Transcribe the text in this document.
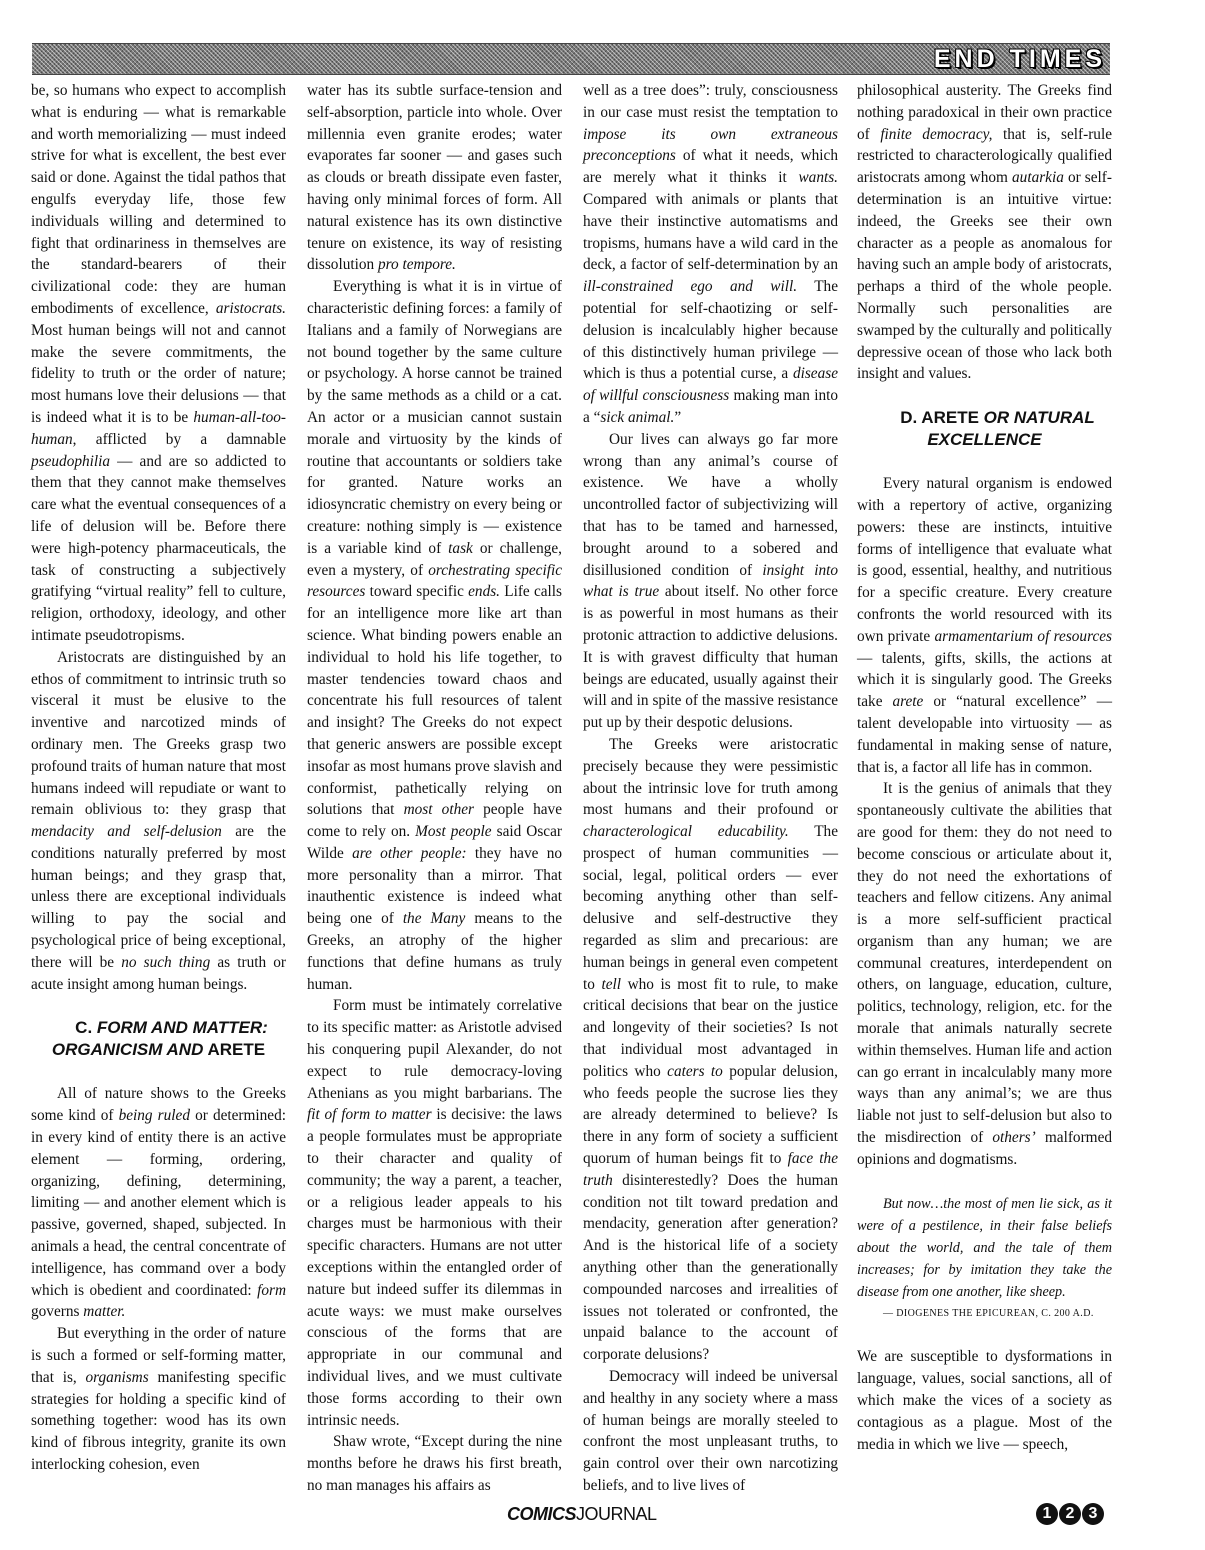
END TIMES

be, so humans who expect to accomplish what is enduring — what is remarkable and worth memorializing — must indeed strive for what is excellent, the best ever said or done. Against the tidal pathos that engulfs everyday life, those few individuals willing and determined to fight that ordinariness in themselves are the standard-bearers of their civilizational code: they are human embodiments of excellence, aristocrats. Most human beings will not and cannot make the severe commitments, the fidelity to truth or the order of nature; most humans love their delusions — that is indeed what it is to be human-all-too-human, afflicted by a damnable pseudophilia — and are so addicted to them that they cannot make themselves care what the eventual consequences of a life of delusion will be. Before there were high-potency pharmaceuticals, the task of constructing a subjectively gratifying “virtual reality” fell to culture, religion, orthodoxy, ideology, and other intimate pseudotropisms.

Aristocrats are distinguished by an ethos of commitment to intrinsic truth so visceral it must be elusive to the inventive and narcotized minds of ordinary men. The Greeks grasp two profound traits of human nature that most humans indeed will repudiate or want to remain oblivious to: they grasp that mendacity and self-delusion are the conditions naturally preferred by most human beings; and they grasp that, unless there are exceptional individuals willing to pay the social and psychological price of being exceptional, there will be no such thing as truth or acute insight among human beings.

C. FORM AND MATTER: ORGANICISM AND ARETE

All of nature shows to the Greeks some kind of being ruled or determined: in every kind of entity there is an active element — forming, ordering, organizing, defining, determining, limiting — and another element which is passive, governed, shaped, subjected. In animals a head, the central concentrate of intelligence, has command over a body which is obedient and coordinated: form governs matter.

But everything in the order of nature is such a formed or self-forming matter, that is, organisms manifesting specific strategies for holding a specific kind of something together: wood has its own kind of fibrous integrity, granite its own interlocking cohesion, even

water has its subtle surface-tension and self-absorption, particle into whole. Over millennia even granite erodes; water evaporates far sooner — and gases such as clouds or breath dissipate even faster, having only minimal forces of form. All natural existence has its own distinctive tenure on existence, its way of resisting dissolution pro tempore.

Everything is what it is in virtue of characteristic defining forces: a family of Italians and a family of Norwegians are not bound together by the same culture or psychology. A horse cannot be trained by the same methods as a child or a cat. An actor or a musician cannot sustain morale and virtuosity by the kinds of routine that accountants or soldiers take for granted. Nature works an idiosyncratic chemistry on every being or creature: nothing simply is — existence is a variable kind of task or challenge, even a mystery, of orchestrating specific resources toward specific ends. Life calls for an intelligence more like art than science. What binding powers enable an individual to hold his life together, to master tendencies toward chaos and concentrate his full resources of talent and insight? The Greeks do not expect that generic answers are possible except insofar as most humans prove slavish and conformist, pathetically relying on solutions that most other people have come to rely on. Most people said Oscar Wilde are other people: they have no more personality than a mirror. That inauthentic existence is indeed what being one of the Many means to the Greeks, an atrophy of the higher functions that define humans as truly human.

Form must be intimately correlative to its specific matter: as Aristotle advised his conquering pupil Alexander, do not expect to rule democracy-loving Athenians as you might barbarians. The fit of form to matter is decisive: the laws a people formulates must be appropriate to their character and quality of community; the way a parent, a teacher, or a religious leader appeals to his charges must be harmonious with their specific characters. Humans are not utter exceptions within the entangled order of nature but indeed suffer its dilemmas in acute ways: we must make ourselves conscious of the forms that are appropriate in our communal and individual lives, and we must cultivate those forms according to their own intrinsic needs.

Shaw wrote, “Except during the nine months before he draws his first breath, no man manages his affairs as

well as a tree does”: truly, consciousness in our case must resist the temptation to impose its own extraneous preconceptions of what it needs, which are merely what it thinks it wants. Compared with animals or plants that have their instinctive automatisms and tropisms, humans have a wild card in the deck, a factor of self-determination by an ill-constrained ego and will. The potential for self-chaotizing or self-delusion is incalculably higher because of this distinctively human privilege — which is thus a potential curse, a disease of willful consciousness making man into a “sick animal.”

Our lives can always go far more wrong than any animal’s course of existence. We have a wholly uncontrolled factor of subjectivizing will that has to be tamed and harnessed, brought around to a sobered and disillusioned condition of insight into what is true about itself. No other force is as powerful in most humans as their protonic attraction to addictive delusions. It is with gravest difficulty that human beings are educated, usually against their will and in spite of the massive resistance put up by their despotic delusions.

The Greeks were aristocratic precisely because they were pessimistic about the intrinsic love for truth among most humans and their profound or characterological educability. The prospect of human communities — social, legal, political orders — ever becoming anything other than self-delusive and self-destructive they regarded as slim and precarious: are human beings in general even competent to tell who is most fit to rule, to make critical decisions that bear on the justice and longevity of their societies? Is not that individual most advantaged in politics who caters to popular delusion, who feeds people the sucrose lies they are already determined to believe? Is there in any form of society a sufficient quorum of human beings fit to face the truth disinterestedly? Does the human condition not tilt toward predation and mendacity, generation after generation? And is the historical life of a society anything other than the generationally compounded narcoses and irrealities of issues not tolerated or confronted, the unpaid balance to the account of corporate delusions?

Democracy will indeed be universal and healthy in any society where a mass of human beings are morally steeled to confront the most unpleasant truths, to gain control over their own narcotizing beliefs, and to live lives of

philosophical austerity. The Greeks find nothing paradoxical in their own practice of finite democracy, that is, self-rule restricted to characterologically qualified aristocrats among whom autarkia or self-determination is an intuitive virtue: indeed, the Greeks see their own character as a people as anomalous for having such an ample body of aristocrats, perhaps a third of the whole people. Normally such personalities are swamped by the culturally and politically depressive ocean of those who lack both insight and values.

D. ARETE OR NATURAL EXCELLENCE

Every natural organism is endowed with a repertory of active, organizing powers: these are instincts, intuitive forms of intelligence that evaluate what is good, essential, healthy, and nutritious for a specific creature. Every creature confronts the world resourced with its own private armamentarium of resources — talents, gifts, skills, the actions at which it is singularly good. The Greeks take arete or “natural excellence” — talent developable into virtuosity — as fundamental in making sense of nature, that is, a factor all life has in common.

It is the genius of animals that they spontaneously cultivate the abilities that are good for them: they do not need to become conscious or articulate about it, they do not need the exhortations of teachers and fellow citizens. Any animal is a more self-sufficient practical organism than any human; we are communal creatures, interdependent on others, on language, education, culture, politics, technology, religion, etc. for the morale that animals naturally secrete within themselves. Human life and action can go errant in incalculably many more ways than any animal’s; we are thus liable not just to self-delusion but also to the misdirection of others’ malformed opinions and dogmatisms.

But now…the most of men lie sick, as it were of a pestilence, in their false beliefs about the world, and the tale of them increases; for by imitation they take the disease from one another, like sheep.

— DIOGENES THE EPICUREAN, C. 200 A.D.

We are susceptible to dysformations in language, values, social sanctions, all of which make the vices of a society as contagious as a plague. Most of the media in which we live — speech,

COMICSJOURNAL	1 2 3
